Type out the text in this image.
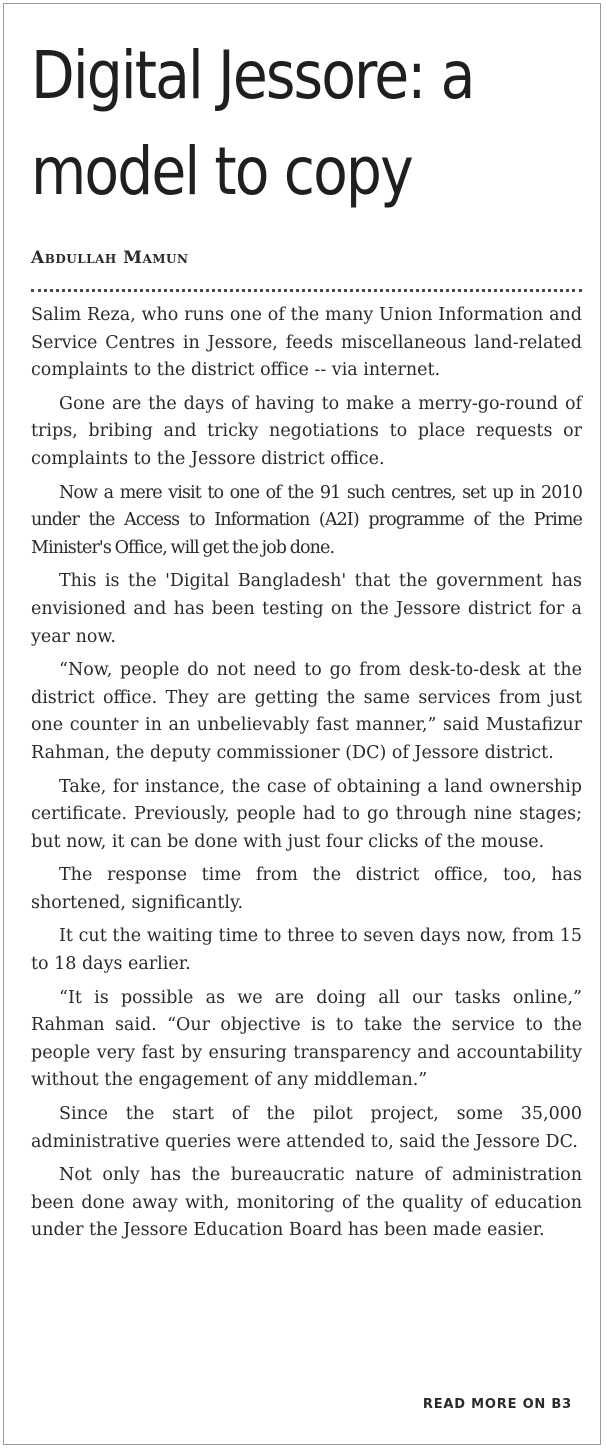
Digital Jessore: a model to copy
Abdullah Mamun

Salim Reza, who runs one of the many Union Information and Service Centres in Jessore, feeds miscellaneous land-related complaints to the district office -- via internet.

Gone are the days of having to make a merry-go-round of trips, bribing and tricky negotiations to place requests or complaints to the Jessore district office.

Now a mere visit to one of the 91 such centres, set up in 2010 under the Access to Information (A2I) programme of the Prime Minister's Office, will get the job done.

This is the 'Digital Bangladesh' that the government has envisioned and has been testing on the Jessore district for a year now.

“Now, people do not need to go from desk-to-desk at the district office. They are getting the same services from just one counter in an unbelievably fast manner,” said Mustafizur Rahman, the deputy commissioner (DC) of Jessore district.

Take, for instance, the case of obtaining a land ownership certificate. Previously, people had to go through nine stages; but now, it can be done with just four clicks of the mouse.

The response time from the district office, too, has shortened, significantly.

It cut the waiting time to three to seven days now, from 15 to 18 days earlier.

“It is possible as we are doing all our tasks online,” Rahman said. “Our objective is to take the service to the people very fast by ensuring transparency and accountability without the engagement of any middleman.”

Since the start of the pilot project, some 35,000 administrative queries were attended to, said the Jessore DC.

Not only has the bureaucratic nature of administration been done away with, monitoring of the quality of education under the Jessore Education Board has been made easier.

READ MORE ON B3
